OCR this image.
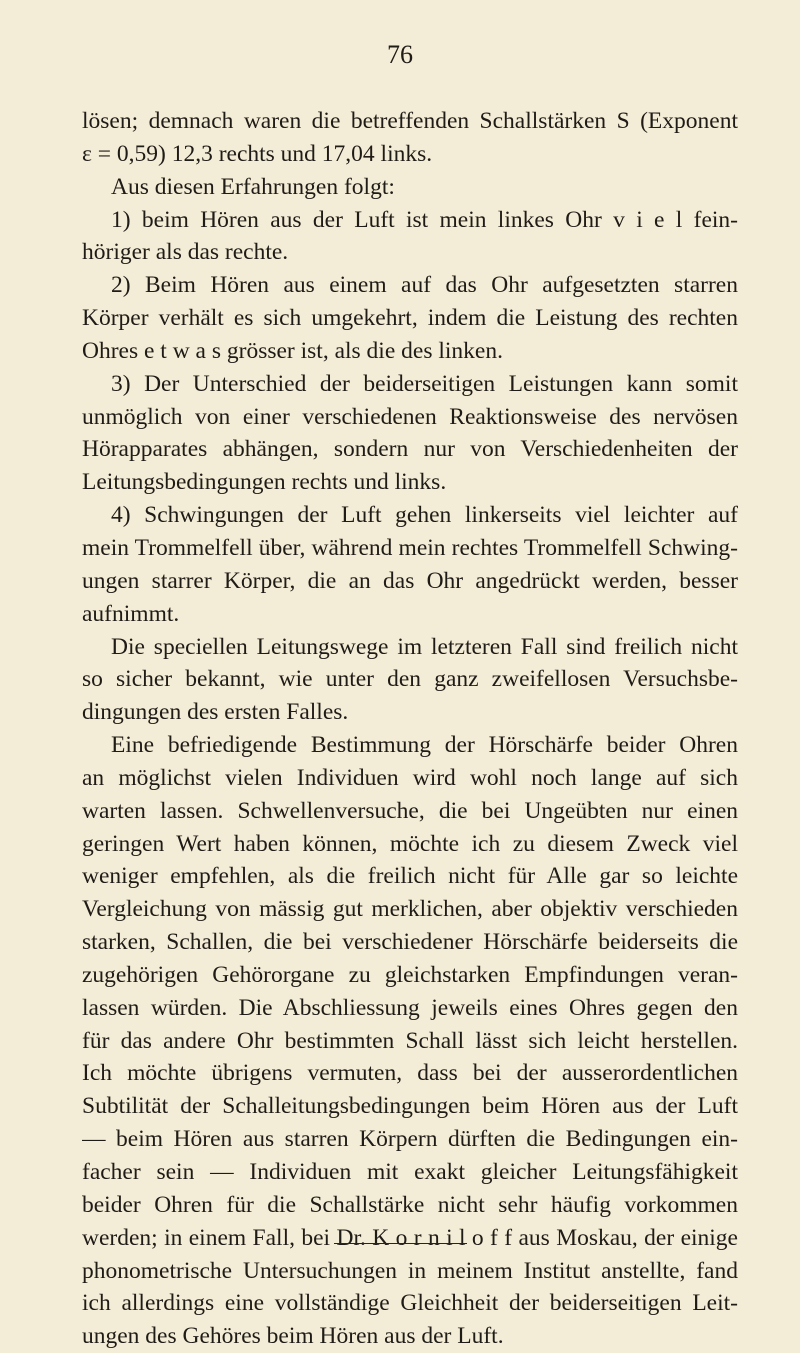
76
lösen; demnach waren die betreffenden Schallstärken S (Exponent
ε = 0,59) 12,3 rechts und 17,04 links.
Aus diesen Erfahrungen folgt:
1) beim Hören aus der Luft ist mein linkes Ohr v i e l fein-
höriger als das rechte.
2) Beim Hören aus einem auf das Ohr aufgesetzten starren
Körper verhält es sich umgekehrt, indem die Leistung des rechten
Ohres e t w a s grösser ist, als die des linken.
3) Der Unterschied der beiderseitigen Leistungen kann somit
unmöglich von einer verschiedenen Reaktionsweise des nervösen
Hörapparates abhängen, sondern nur von Verschiedenheiten der
Leitungsbedingungen rechts und links.
4) Schwingungen der Luft gehen linkerseits viel leichter auf
mein Trommelfell über, während mein rechtes Trommelfell Schwing-
ungen starrer Körper, die an das Ohr angedrückt werden, besser
aufnimmt.
Die speciellen Leitungswege im letzteren Fall sind freilich nicht
so sicher bekannt, wie unter den ganz zweifellosen Versuchsbe-
dingungen des ersten Falles.
Eine befriedigende Bestimmung der Hörschärfe beider Ohren
an möglichst vielen Individuen wird wohl noch lange auf sich
warten lassen. Schwellenversuche, die bei Ungeübten nur einen
geringen Wert haben können, möchte ich zu diesem Zweck viel
weniger empfehlen, als die freilich nicht für Alle gar so leichte
Vergleichung von mässig gut merklichen, aber objektiv verschieden
starken, Schallen, die bei verschiedener Hörschärfe beiderseits die
zugehörigen Gehörorgane zu gleichstarken Empfindungen veran-
lassen würden. Die Abschliessung jeweils eines Ohres gegen den
für das andere Ohr bestimmten Schall lässt sich leicht herstellen.
Ich möchte übrigens vermuten, dass bei der ausserordentlichen
Subtilität der Schalleitungsbedingungen beim Hören aus der Luft
— beim Hören aus starren Körpern dürften die Bedingungen ein-
facher sein — Individuen mit exakt gleicher Leitungsfähigkeit
beider Ohren für die Schallstärke nicht sehr häufig vorkommen
werden; in einem Fall, bei Dr. K o r n i l o f f aus Moskau, der einige
phonometrische Untersuchungen in meinem Institut anstellte, fand
ich allerdings eine vollständige Gleichheit der beiderseitigen Leit-
ungen des Gehöres beim Hören aus der Luft.
